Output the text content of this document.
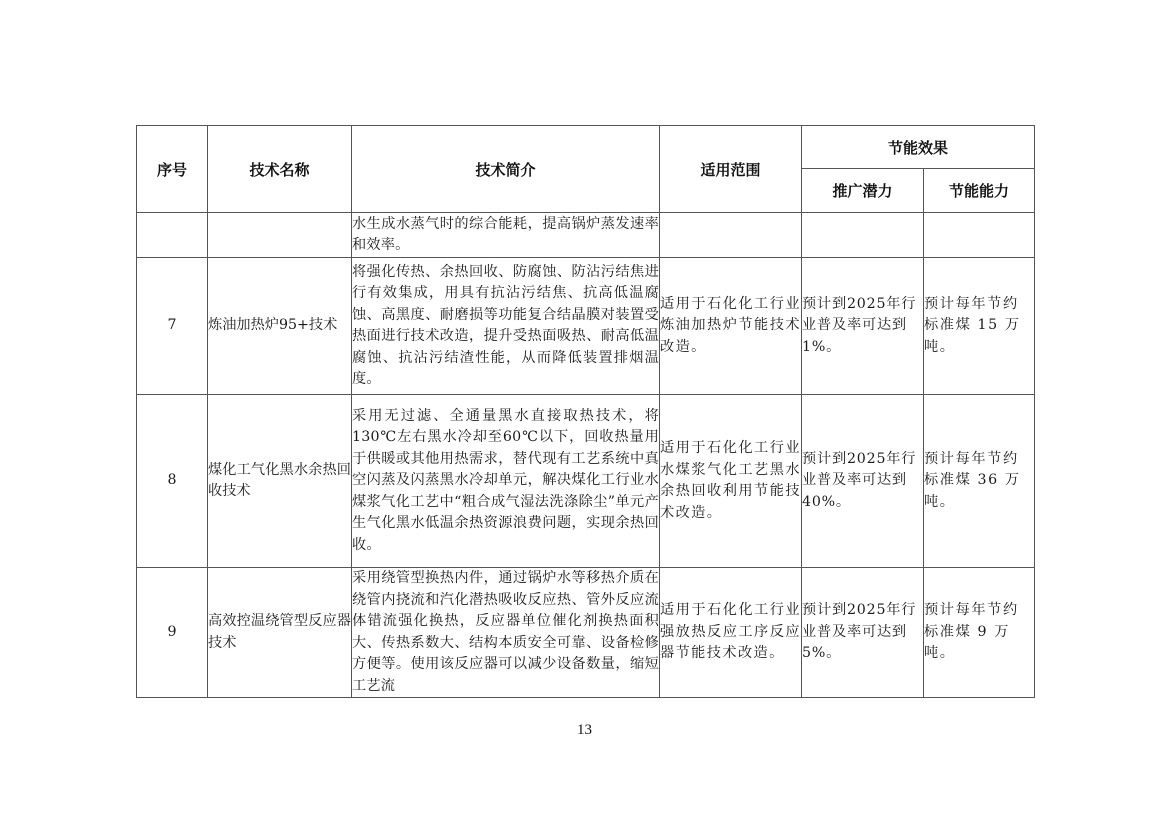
序号	技术名称	技术简介	适用范围	节能效果	
				推广潜力	节能能力
		水生成水蒸气时的综合能耗，提高锅炉蒸发速率和效率。			
7	炼油加热炉95+技术	将强化传热、余热回收、防腐蚀、防沾污结焦进行有效集成，用具有抗沾污结焦、抗高低温腐蚀、高黑度、耐磨损等功能复合结晶膜对装置受热面进行技术改造，提升受热面吸热、耐高低温腐蚀、抗沾污结渣性能，从而降低装置排烟温度。	适用于石化化工行业炼油加热炉节能技术改造。	预计到2025年行业普及率可达到1%。	预计每年节约标准煤 15 万吨。
8	煤化工气化黑水余热回收技术	采用无过滤、全通量黑水直接取热技术，将130℃左右黑水冷却至60℃以下，回收热量用于供暖或其他用热需求，替代现有工艺系统中真空闪蒸及闪蒸黑水冷却单元，解决煤化工行业水煤浆气化工艺中“粗合成气湿法洗涤除尘”单元产生气化黑水低温余热资源浪费问题，实现余热回收。	适用于石化化工行业水煤浆气化工艺黑水余热回收利用节能技术改造。	预计到2025年行业普及率可达到40%。	预计每年节约标准煤 36 万吨。
9	高效控温绕管型反应器技术	采用绕管型换热内件，通过锅炉水等移热介质在绕管内挠流和汽化潜热吸收反应热、管外反应流体错流强化换热，反应器单位催化剂换热面积大、传热系数大、结构本质安全可靠、设备检修方便等。使用该反应器可以减少设备数量，缩短工艺流	适用于石化化工行业强放热反应工序反应器节能技术改造。	预计到2025年行业普及率可达到5%。	预计每年节约标准煤 9 万吨。
13
